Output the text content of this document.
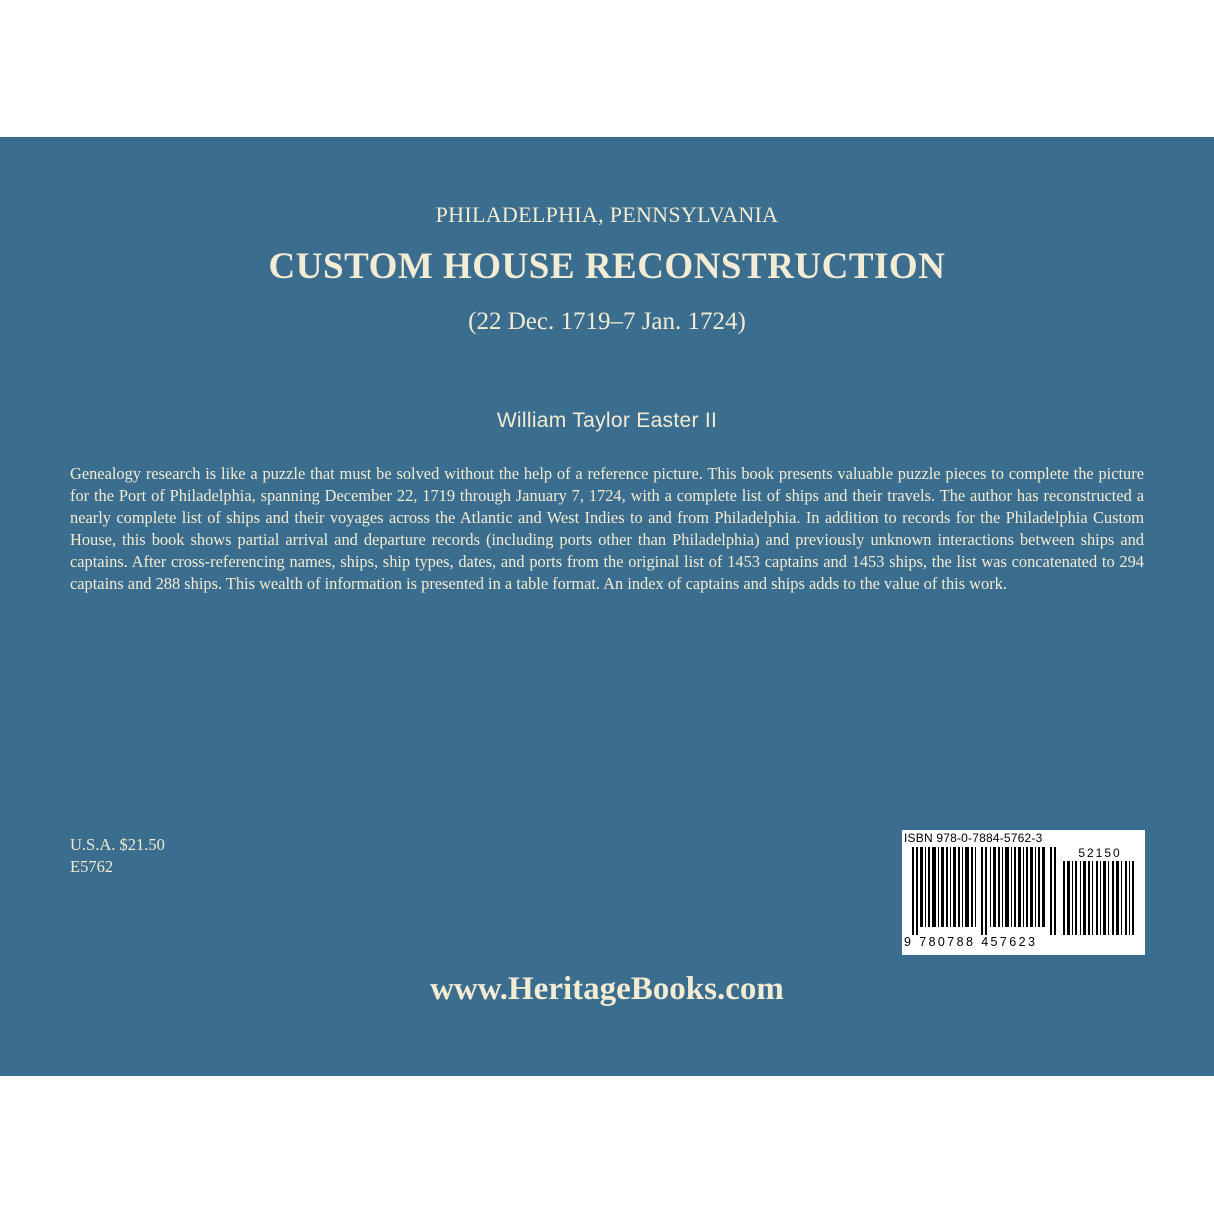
PHILADELPHIA, PENNSYLVANIA
CUSTOM HOUSE RECONSTRUCTION
(22 Dec. 1719–7 Jan. 1724)
William Taylor Easter II

Genealogy research is like a puzzle that must be solved without the help of a reference picture. This book presents valuable puzzle pieces to complete the picture for the Port of Philadelphia, spanning December 22, 1719 through January 7, 1724, with a complete list of ships and their travels. The author has reconstructed a nearly complete list of ships and their voyages across the Atlantic and West Indies to and from Philadelphia. In addition to records for the Philadelphia Custom House, this book shows partial arrival and departure records (including ports other than Philadelphia) and previously unknown interactions between ships and captains. After cross-referencing names, ships, ship types, dates, and ports from the original list of 1453 captains and 1453 ships, the list was concatenated to 294 captains and 288 ships. This wealth of information is presented in a table format. An index of captains and ships adds to the value of this work.

U.S.A. $21.50
E5762
ISBN 978-0-7884-5762-3
52150
9 780788 457623
www.HeritageBooks.com
